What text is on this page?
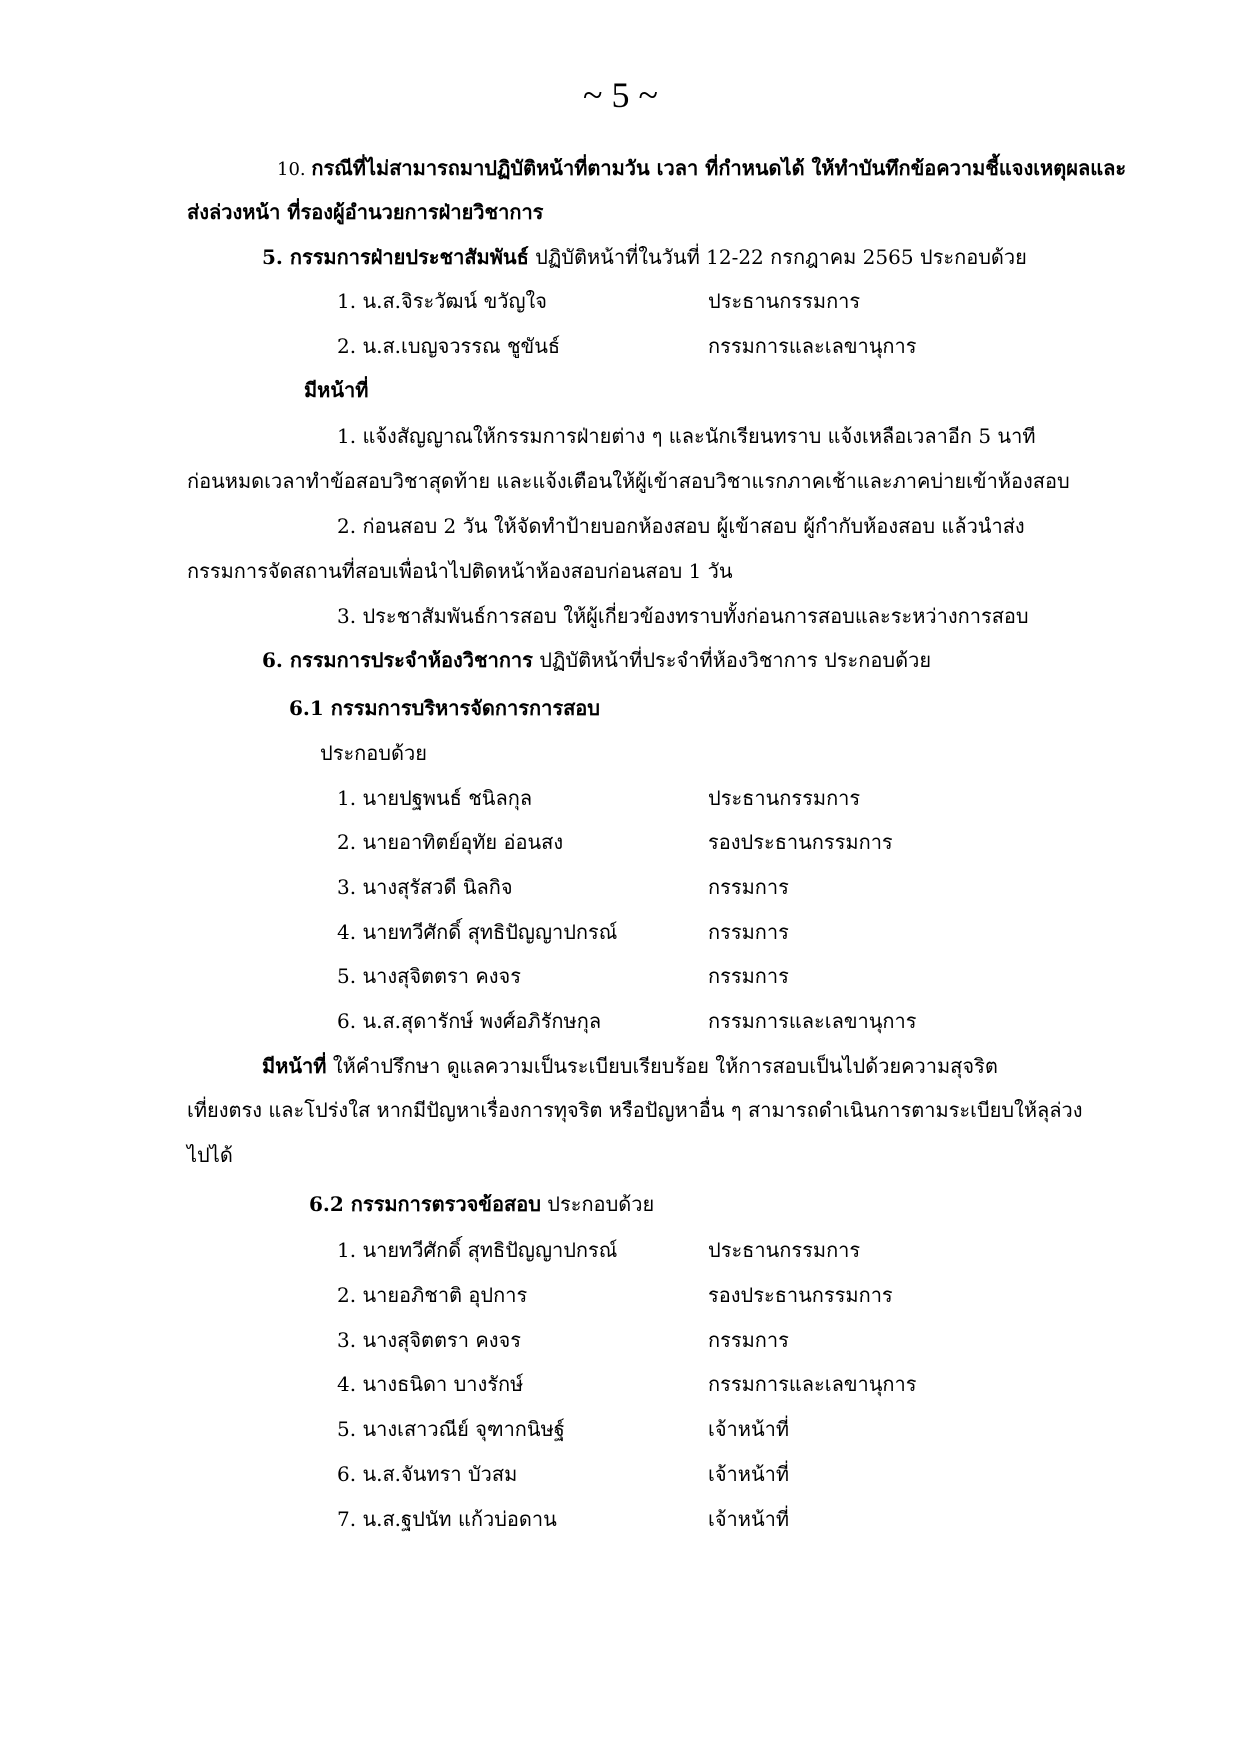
~ 5 ~
10. กรณีที่ไม่สามารถมาปฏิบัติหน้าที่ตามวัน เวลา ที่กำหนดได้ ให้ทำบันทึกข้อความชี้แจงเหตุผลและ
ส่งล่วงหน้า ที่รองผู้อำนวยการฝ่ายวิชาการ
5. กรรมการฝ่ายประชาสัมพันธ์ ปฏิบัติหน้าที่ในวันที่ 12-22 กรกฎาคม 2565 ประกอบด้วย
1. น.ส.จิระวัฒน์ ขวัญใจ	ประธานกรรมการ
2. น.ส.เบญจวรรณ ชูขันธ์	กรรมการและเลขานุการ
มีหน้าที่
1. แจ้งสัญญาณให้กรรมการฝ่ายต่าง ๆ และนักเรียนทราบ แจ้งเหลือเวลาอีก 5 นาที
ก่อนหมดเวลาทำข้อสอบวิชาสุดท้าย และแจ้งเตือนให้ผู้เข้าสอบวิชาแรกภาคเช้าและภาคบ่ายเข้าห้องสอบ
2. ก่อนสอบ 2 วัน ให้จัดทำป้ายบอกห้องสอบ ผู้เข้าสอบ ผู้กำกับห้องสอบ แล้วนำส่ง
กรรมการจัดสถานที่สอบเพื่อนำไปติดหน้าห้องสอบก่อนสอบ 1 วัน
3. ประชาสัมพันธ์การสอบ ให้ผู้เกี่ยวข้องทราบทั้งก่อนการสอบและระหว่างการสอบ
6. กรรมการประจำห้องวิชาการ ปฏิบัติหน้าที่ประจำที่ห้องวิชาการ ประกอบด้วย
6.1 กรรมการบริหารจัดการการสอบ
ประกอบด้วย
1. นายปฐพนธ์ ชนิลกุล	ประธานกรรมการ
2. นายอาทิตย์อุทัย อ่อนสง	รองประธานกรรมการ
3. นางสุรัสวดี นิลกิจ	กรรมการ
4. นายทวีศักดิ์ สุทธิปัญญาปกรณ์	กรรมการ
5. นางสุจิตตรา คงจร	กรรมการ
6. น.ส.สุดารักษ์ พงศ์อภิรักษกุล	กรรมการและเลขานุการ
มีหน้าที่ ให้คำปรึกษา ดูแลความเป็นระเบียบเรียบร้อย ให้การสอบเป็นไปด้วยความสุจริต
เที่ยงตรง และโปร่งใส หากมีปัญหาเรื่องการทุจริต หรือปัญหาอื่น ๆ สามารถดำเนินการตามระเบียบให้ลุล่วง
ไปได้
6.2 กรรมการตรวจข้อสอบ ประกอบด้วย
1. นายทวีศักดิ์ สุทธิปัญญาปกรณ์	ประธานกรรมการ
2. นายอภิชาติ อุปการ	รองประธานกรรมการ
3. นางสุจิตตรา คงจร	กรรมการ
4. นางธนิดา บางรักษ์	กรรมการและเลขานุการ
5. นางเสาวณีย์ จุฑากนิษฐ์	เจ้าหน้าที่
6. น.ส.จันทรา บัวสม	เจ้าหน้าที่
7. น.ส.ฐปนัท แก้วบ่อดาน	เจ้าหน้าที่
